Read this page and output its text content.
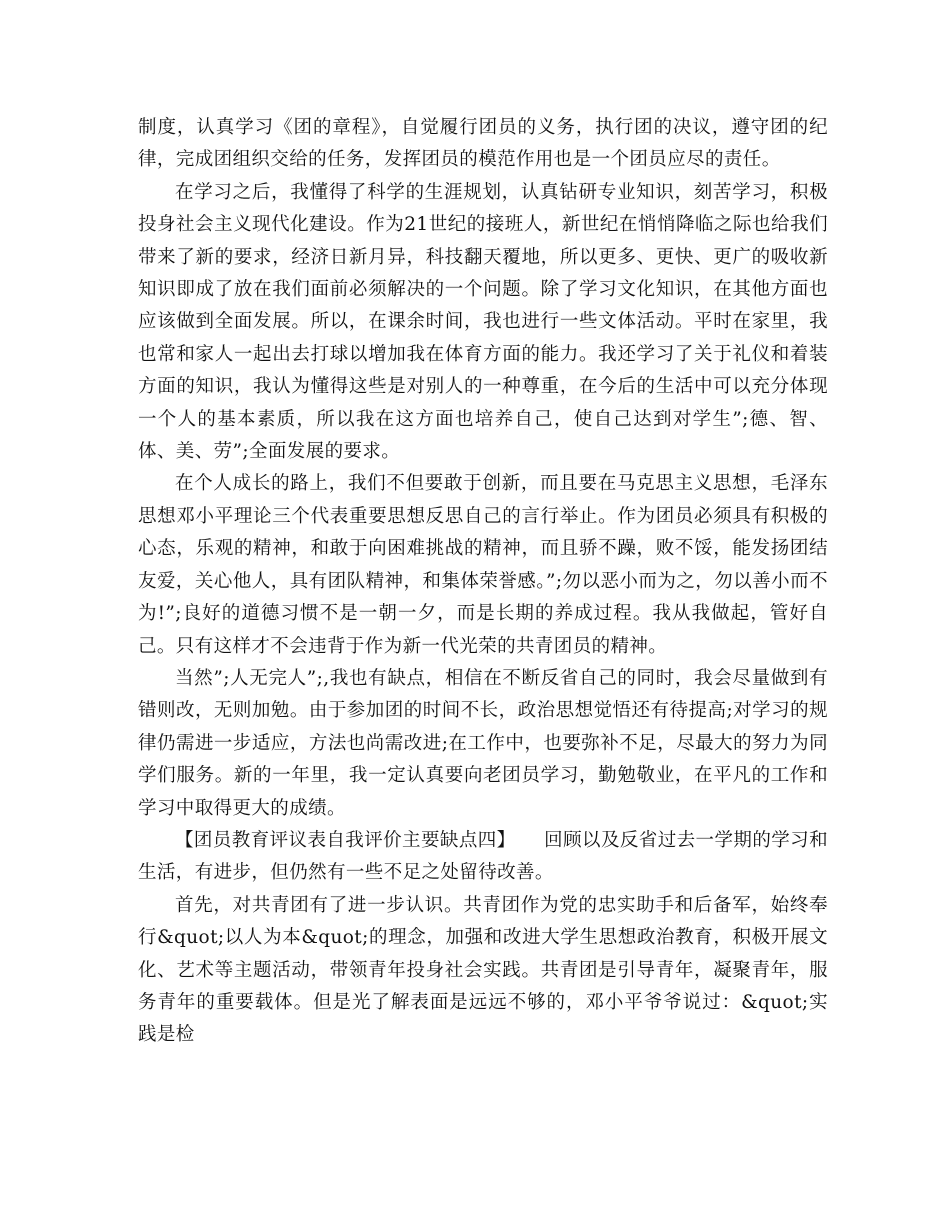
制度，认真学习《团的章程》，自觉履行团员的义务，执行团的决议，遵守团的纪律，完成团组织交给的任务，发挥团员的模范作用也是一个团员应尽的责任。

在学习之后，我懂得了科学的生涯规划，认真钻研专业知识，刻苦学习，积极投身社会主义现代化建设。作为21世纪的接班人，新世纪在悄悄降临之际也给我们带来了新的要求，经济日新月异，科技翻天覆地，所以更多、更快、更广的吸收新知识即成了放在我们面前必须解决的一个问题。除了学习文化知识，在其他方面也应该做到全面发展。所以，在课余时间，我也进行一些文体活动。平时在家里，我也常和家人一起出去打球以增加我在体育方面的能力。我还学习了关于礼仪和着装方面的知识，我认为懂得这些是对别人的一种尊重，在今后的生活中可以充分体现一个人的基本素质，所以我在这方面也培养自己，使自己达到对学生”;德、智、体、美、劳”;全面发展的要求。

在个人成长的路上，我们不但要敢于创新，而且要在马克思主义思想，毛泽东思想邓小平理论三个代表重要思想反思自己的言行举止。作为团员必须具有积极的心态，乐观的精神，和敢于向困难挑战的精神，而且骄不躁，败不馁，能发扬团结友爱，关心他人，具有团队精神，和集体荣誉感。”;勿以恶小而为之，勿以善小而不为!”;良好的道德习惯不是一朝一夕，而是长期的养成过程。我从我做起，管好自己。只有这样才不会违背于作为新一代光荣的共青团员的精神。

当然”;人无完人”;,我也有缺点，相信在不断反省自己的同时，我会尽量做到有错则改，无则加勉。由于参加团的时间不长，政治思想觉悟还有待提高;对学习的规律仍需进一步适应，方法也尚需改进;在工作中，也要弥补不足，尽最大的努力为同学们服务。新的一年里，我一定认真要向老团员学习，勤勉敬业，在平凡的工作和学习中取得更大的成绩。

【团员教育评议表自我评价主要缺点四】　　回顾以及反省过去一学期的学习和生活，有进步，但仍然有一些不足之处留待改善。

首先，对共青团有了进一步认识。共青团作为党的忠实助手和后备军，始终奉行&quot;以人为本&quot;的理念，加强和改进大学生思想政治教育，积极开展文化、艺术等主题活动，带领青年投身社会实践。共青团是引导青年，凝聚青年，服务青年的重要载体。但是光了解表面是远远不够的，邓小平爷爷说过：&quot;实践是检
